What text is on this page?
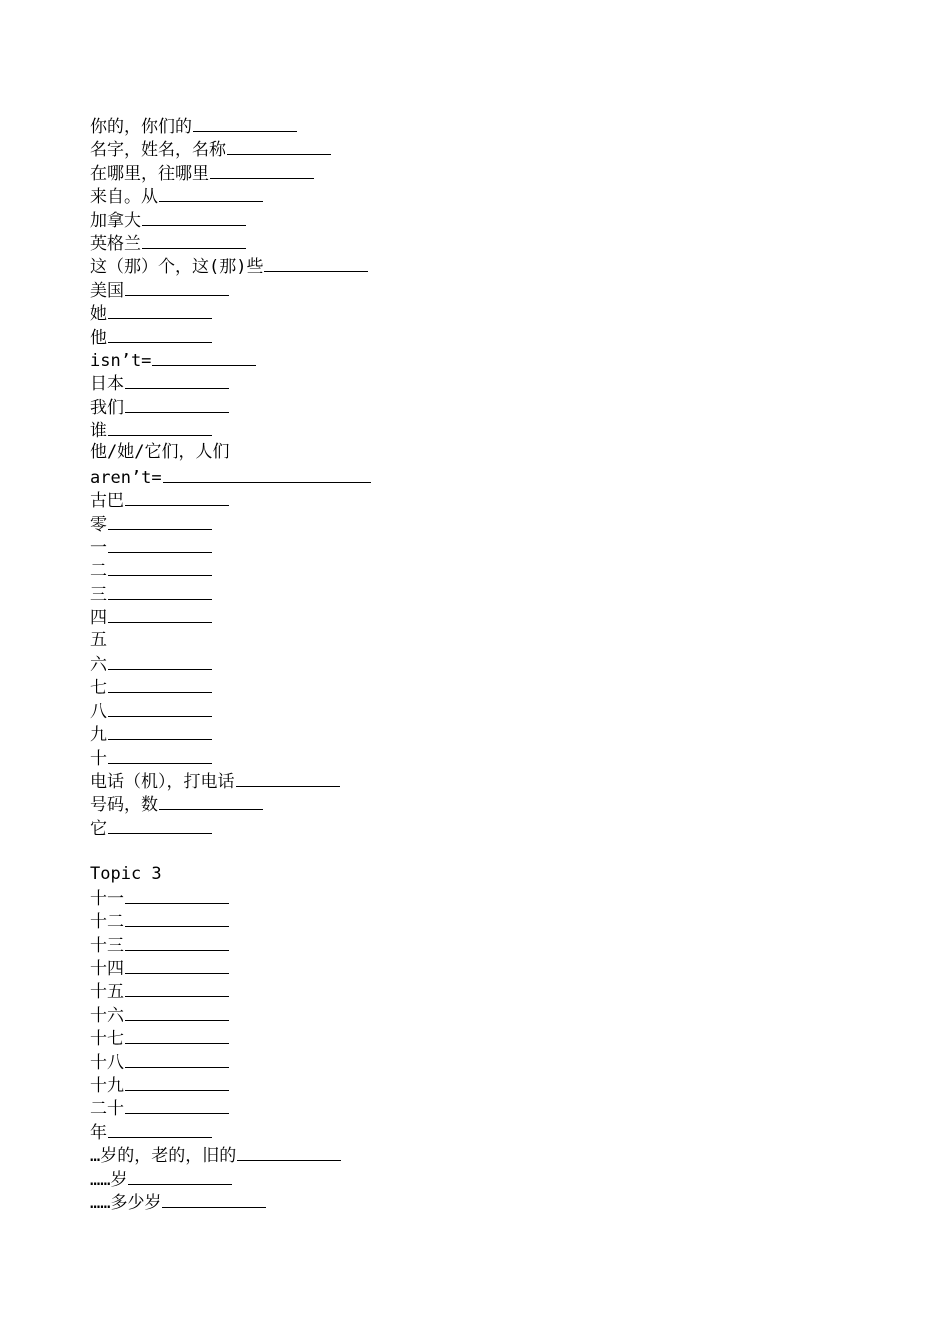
你的，你们的
名字，姓名，名称
在哪里，往哪里
来自。从
加拿大
英格兰
这（那）个，这(那)些
美国
她
他
isn’t=
日本
我们
谁
他/她/它们，人们
aren’t=
古巴
零
一
二
三
四
五
六
七
八
九
十
电话（机），打电话
号码，数
它
Topic 3
十一
十二
十三
十四
十五
十六
十七
十八
十九
二十
年
…岁的，老的，旧的
……岁
……多少岁
